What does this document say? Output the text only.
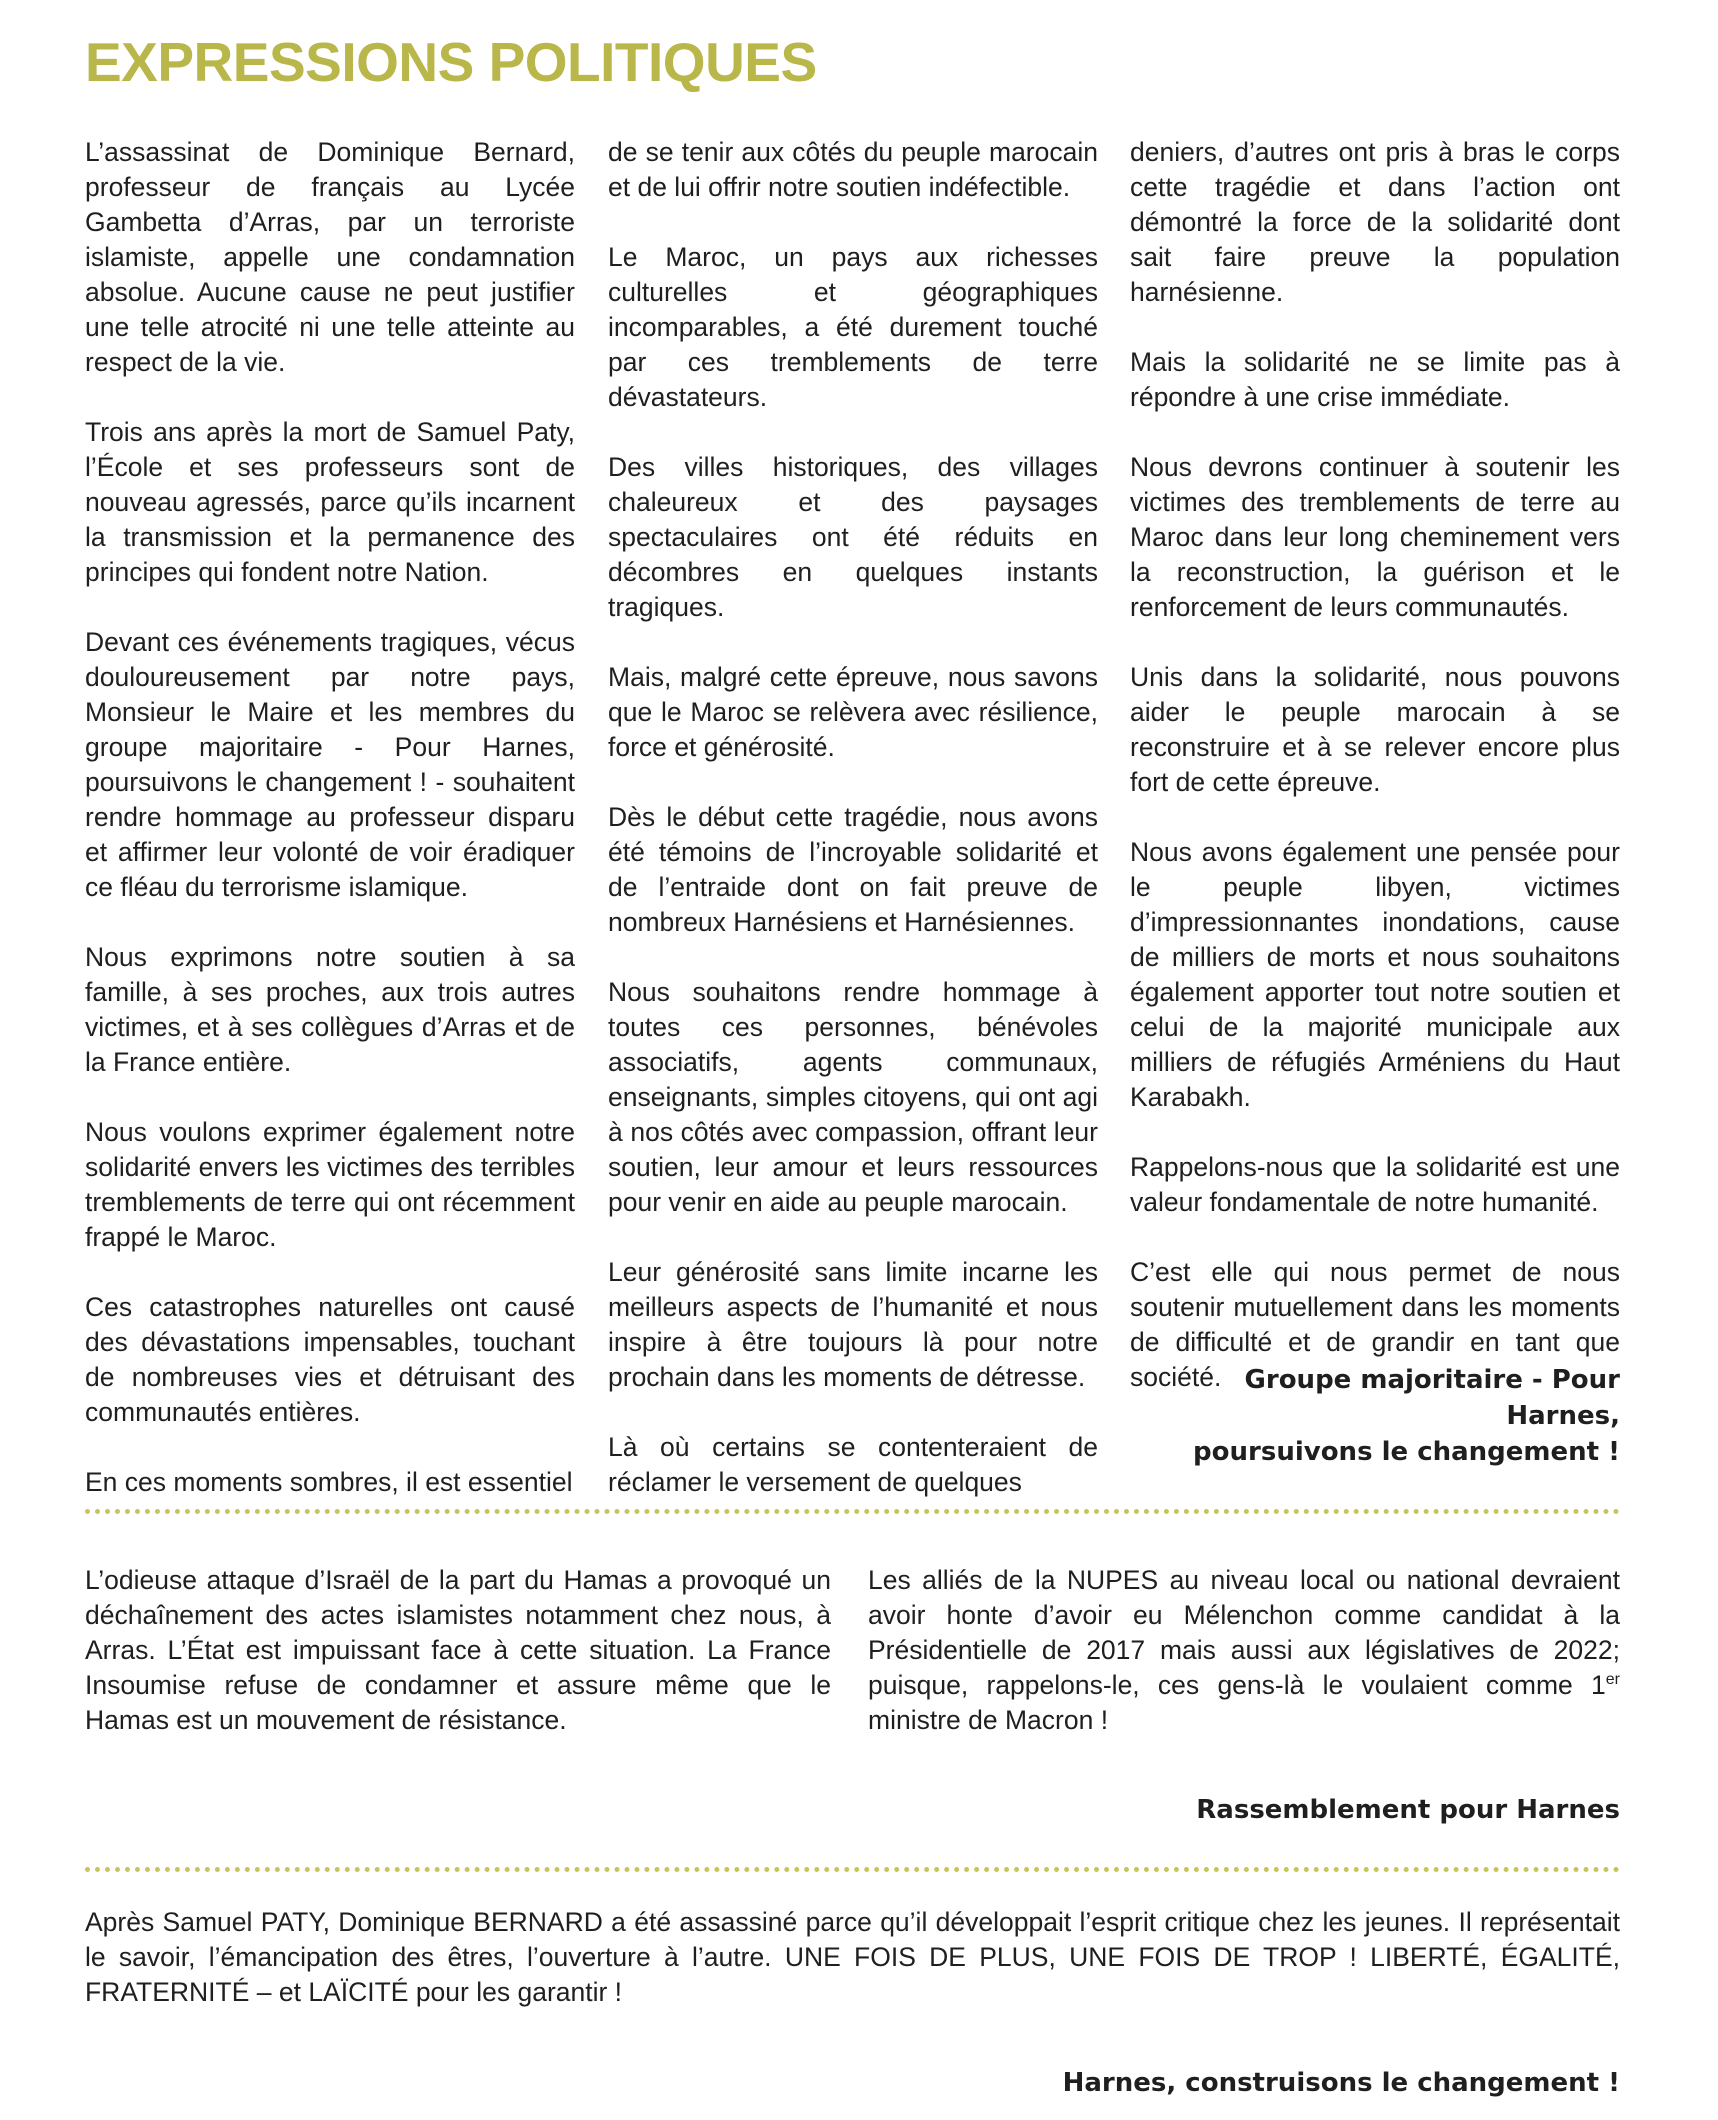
EXPRESSIONS POLITIQUES

L’assassinat de Dominique Bernard, professeur de français au Lycée Gambetta d’Arras, par un terroriste islamiste, appelle une condamnation absolue. Aucune cause ne peut justifier une telle atrocité ni une telle atteinte au respect de la vie.

Trois ans après la mort de Samuel Paty, l’École et ses professeurs sont de nouveau agressés, parce qu’ils incarnent la transmission et la permanence des principes qui fondent notre Nation.

Devant ces événements tragiques, vécus douloureusement par notre pays, Monsieur le Maire et les membres du groupe majoritaire - Pour Harnes, poursuivons le changement ! - souhaitent rendre hommage au professeur disparu et affirmer leur volonté de voir éradiquer ce fléau du terrorisme islamique.

Nous exprimons notre soutien à sa famille, à ses proches, aux trois autres victimes, et à ses collègues d’Arras et de la France entière.

Nous voulons exprimer également notre solidarité envers les victimes des terribles tremblements de terre qui ont récemment frappé le Maroc.

Ces catastrophes naturelles ont causé des dévastations impensables, touchant de nombreuses vies et détruisant des communautés entières.

En ces moments sombres, il est essentiel

de se tenir aux côtés du peuple marocain et de lui offrir notre soutien indéfectible.

Le Maroc, un pays aux richesses culturelles et géographiques incomparables, a été durement touché par ces tremblements de terre dévastateurs.

Des villes historiques, des villages chaleureux et des paysages spectaculaires ont été réduits en décombres en quelques instants tragiques.

Mais, malgré cette épreuve, nous savons que le Maroc se relèvera avec résilience, force et générosité.

Dès le début cette tragédie, nous avons été témoins de l’incroyable solidarité et de l’entraide dont on fait preuve de nombreux Harnésiens et Harnésiennes.

Nous souhaitons rendre hommage à toutes ces personnes, bénévoles associatifs, agents communaux, enseignants, simples citoyens, qui ont agi à nos côtés avec compassion, offrant leur soutien, leur amour et leurs ressources pour venir en aide au peuple marocain.

Leur générosité sans limite incarne les meilleurs aspects de l’humanité et nous inspire à être toujours là pour notre prochain dans les moments de détresse.

Là où certains se contenteraient de réclamer le versement de quelques

deniers, d’autres ont pris à bras le corps cette tragédie et dans l’action ont démontré la force de la solidarité dont sait faire preuve la population harnésienne.

Mais la solidarité ne se limite pas à répondre à une crise immédiate.

Nous devrons continuer à soutenir les victimes des tremblements de terre au Maroc dans leur long cheminement vers la reconstruction, la guérison et le renforcement de leurs communautés.

Unis dans la solidarité, nous pouvons aider le peuple marocain à se reconstruire et à se relever encore plus fort de cette épreuve.

Nous avons également une pensée pour le peuple libyen, victimes d’impressionnantes inondations, cause de milliers de morts et nous souhaitons également apporter tout notre soutien et celui de la majorité municipale aux milliers de réfugiés Arméniens du Haut Karabakh.

Rappelons-nous que la solidarité est une valeur fondamentale de notre humanité.

C’est elle qui nous permet de nous soutenir mutuellement dans les moments de difficulté et de grandir en tant que société. Groupe majoritaire - Pour Harnes,
poursuivons le changement !

L’odieuse attaque d’Israël de la part du Hamas a provoqué un déchaînement des actes islamistes notamment chez nous, à Arras. L’État est impuissant face à cette situation. La France Insoumise refuse de condamner et assure même que le Hamas est un mouvement de résistance.

Les alliés de la NUPES au niveau local ou national devraient avoir honte d’avoir eu Mélenchon comme candidat à la Présidentielle de 2017 mais aussi aux législatives de 2022; puisque, rappelons-le, ces gens-là le voulaient comme 1er ministre de Macron !

Rassemblement pour Harnes

Après Samuel PATY, Dominique BERNARD a été assassiné parce qu’il développait l’esprit critique chez les jeunes. Il représentait le savoir, l’émancipation des êtres, l’ouverture à l’autre. UNE FOIS DE PLUS, UNE FOIS DE TROP ! LIBERTÉ, ÉGALITÉ, FRATERNITÉ – et LAÏCITÉ pour les garantir !

Harnes, construisons le changement !
